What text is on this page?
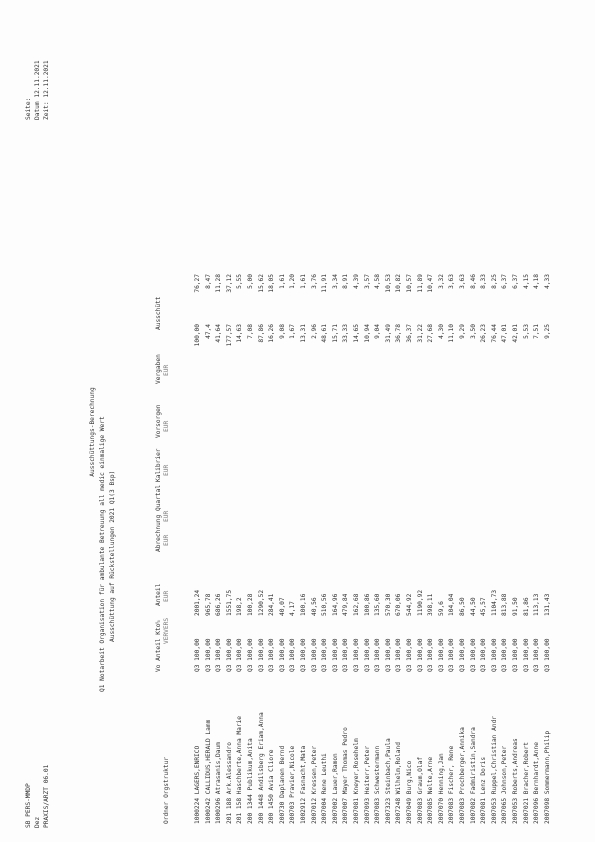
SB PERS-MMDP Dez PRAXIS/ARZT 06.01
Seite: Datum 12.11.2021 Zeit: 12.11.2021
Ausschüttungs-Berechnung Q1 Notarbeit Organisation für ambulante Betreuung all medic einmalige Wert Ausschüttung auf Rückstellungen 2021 Q1(3 Bsp)
Ordner Orgstruktur
Vo Anteil Kto
% VERVERS
Anteil EUR
Abrechnung Quartal EUR
EUR
Kalibrier EUR
Vorsorgen EUR
Vergaben EUR
Ausschütt
1000224 LAGERS,ENRICO
Q3 100,00
2001,24
100,00
76,27
1000242 CALLIDUS,HERALD Lamm
Q3 100,00
965,78
47,4
8,47
1000296 Atrasanis,Daum
Q3 100,00
686,26
41,64
11,28
201 188 Ark.Alessandro
Q3 100,00
1551,75
177,57
37,12
201 158 Haschberte,Anna Marie
Q3 100,00
198,2
14,63
5,55
200 1344 Publikum,Anita
Q3 100,00
100,28
7,08
5,00
200 1448 Andilsberg Eriam,Anna
Q3 100,00
1290,52
87,86
15,62
200 1450 Avia Cliore
Q3 100,00
284,41
16,26
18,05
200730 Daplanen Bernd
Q3 100,00
40,07
9,08
1,61
200703 Pravier,Nicole
Q3 100,00
4,17
1,67
1,20
1002912 Fasnacht,Mata
Q3 100,00
100,16
13,31
1,61
2007012 Kressen,Peter
Q3 100,00
40,56
2,96
3,76
2007004 Rene Leuthi
Q3 100,00
510,56
48,61
11,91
2007002 Lauer,Ramon
Q3 100,00
164,96
15,71
3,34
2007007 Mayer Thomas Pedro
Q3 100,00
479,84
33,33
8,91
2007081 Kneyer,Rosehelm
Q3 100,00
162,68
14,65
4,39
2007093 Heiterr,Peter
Q3 100,00
100,86
10,94
3,57
2007083 Schwestermann
Q3 100,00
135,60
9,04
4,58
2007323 Steinbach,Paula
Q3 100,00
570,30
31,49
10,53
2007248 Wilhelm,Roland
Q3 100,00
670,06
36,78
10,82
2007049 Burg,Nico
Q3 100,00
544,92
36,37
10,57
2007083 Graum,Olaf
Q3 100,00
1190,92
31,22
11,89
2007085 Nelte,Arne
Q3 100,00
398,11
27,68
10,47
2007070 Henning,Jan
Q3 100,00
59,6
4,30
3,32
2007083 Fischer, Rene
Q3 100,00
104,04
11,10
3,63
2007083 Prochberger,Annika
Q3 100,00
86,50
9,29
3,63
1007082 Fadmiristin,Sandra
Q3 100,00
44,50
3,50
8,46
2007081 Lenz Doris
Q3 100,00
45,57
26,23
8,33
2007053 Ruppel,Christian Andr
Q3 100,00
1104,73
76,44
8,25
2007065 Johnson,Peter
Q3 100,00
813,88
47,01
6,37
2007053 Roberts,Andreas
Q3 100,00
91,50
42,01
6,37
2007021 Bracher,Robert
Q3 100,00
81,86
5,53
4,15
2007096 Bernhardt,Anne
Q3 100,00
113,13
7,51
4,18
2007098 Sommermann,Philip
Q3 100,00
131,43
9,25
4,33
